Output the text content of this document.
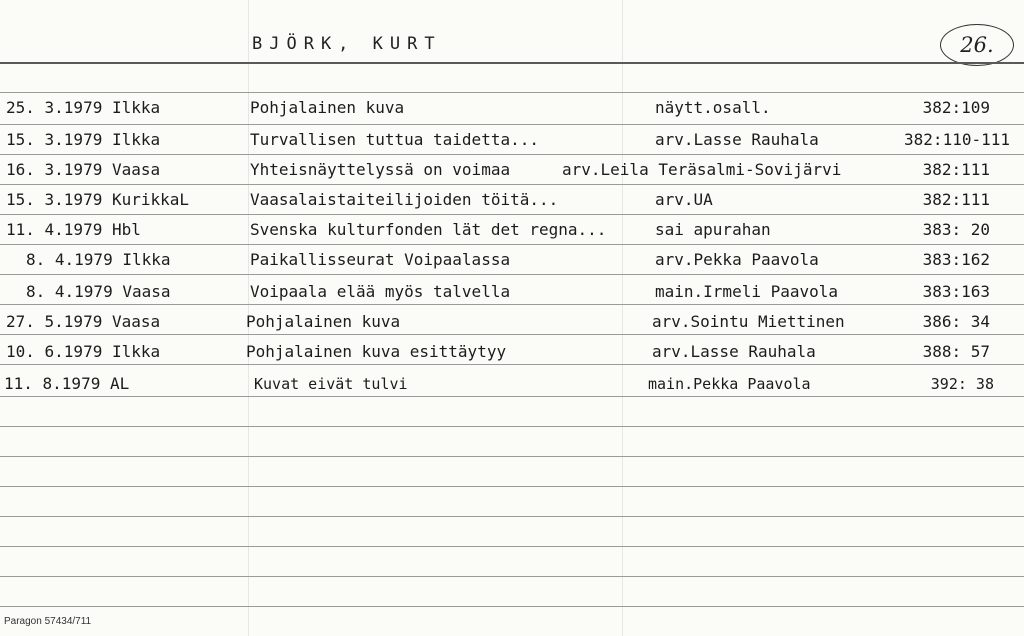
BJÖRK, KURT	26.
25. 3.1979 Ilkka	Pohjalainen kuva	näytt.osall.	382:109
15. 3.1979 Ilkka	Turvallisen tuttua taidetta...	arv.Lasse Rauhala	382:110-111
16. 3.1979 Vaasa	Yhteisnäyttelyssä on voimaa	arv.Leila Teräsalmi-Sovijärvi	382:111
15. 3.1979 KurikkaL	Vaasalaistaiteilijoiden töitä...	arv.UA	382:111
11. 4.1979 Hbl	Svenska kulturfonden lät det regna...	sai apurahan	383: 20
8. 4.1979 Ilkka	Paikallisseurat Voipaalassa	arv.Pekka Paavola	383:162
8. 4.1979 Vaasa	Voipaala elää myös talvella	main.Irmeli Paavola	383:163
27. 5.1979 Vaasa	Pohjalainen kuva	arv.Sointu Miettinen	386: 34
10. 6.1979 Ilkka	Pohjalainen kuva esittäytyy	arv.Lasse Rauhala	388: 57
11. 8.1979 AL	Kuvat eivät tulvi	main.Pekka Paavola	392: 38
Paragon 57434/711
